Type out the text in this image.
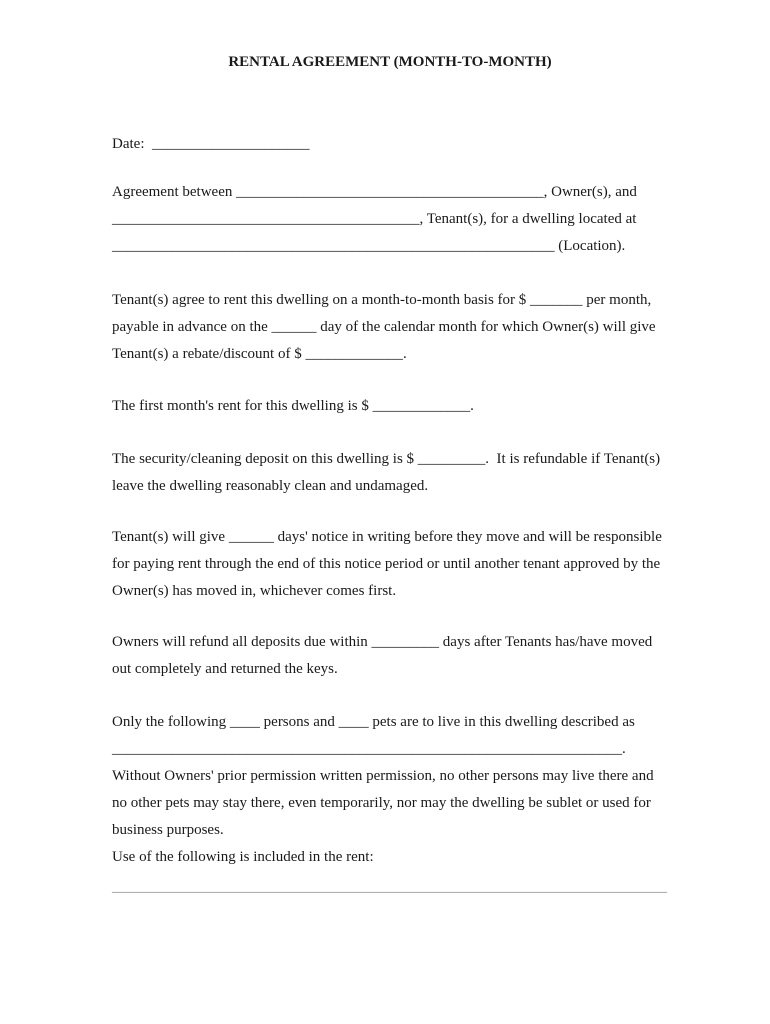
RENTAL AGREEMENT (MONTH-TO-MONTH)
Date:  _____________________
Agreement between _________________________________________, Owner(s), and
_________________________________________, Tenant(s), for a dwelling located at
___________________________________________________________ (Location).
Tenant(s) agree to rent this dwelling on a month-to-month basis for $ _______ per month,
payable in advance on the ______ day of the calendar month for which Owner(s) will give
Tenant(s) a rebate/discount of $ _____________.
The first month's rent for this dwelling is $ _____________.
The security/cleaning deposit on this dwelling is $ _________.  It is refundable if Tenant(s)
leave the dwelling reasonably clean and undamaged.
Tenant(s) will give ______ days' notice in writing before they move and will be responsible
for paying rent through the end of this notice period or until another tenant approved by the
Owner(s) has moved in, whichever comes first.
Owners will refund all deposits due within _________ days after Tenants has/have moved
out completely and returned the keys.
Only the following ____ persons and ____ pets are to live in this dwelling described as
____________________________________________________________________.
Without Owners' prior permission written permission, no other persons may live there and
no other pets may stay there, even temporarily, nor may the dwelling be sublet or used for
business purposes.
Use of the following is included in the rent:
__________________________________________________________________________
